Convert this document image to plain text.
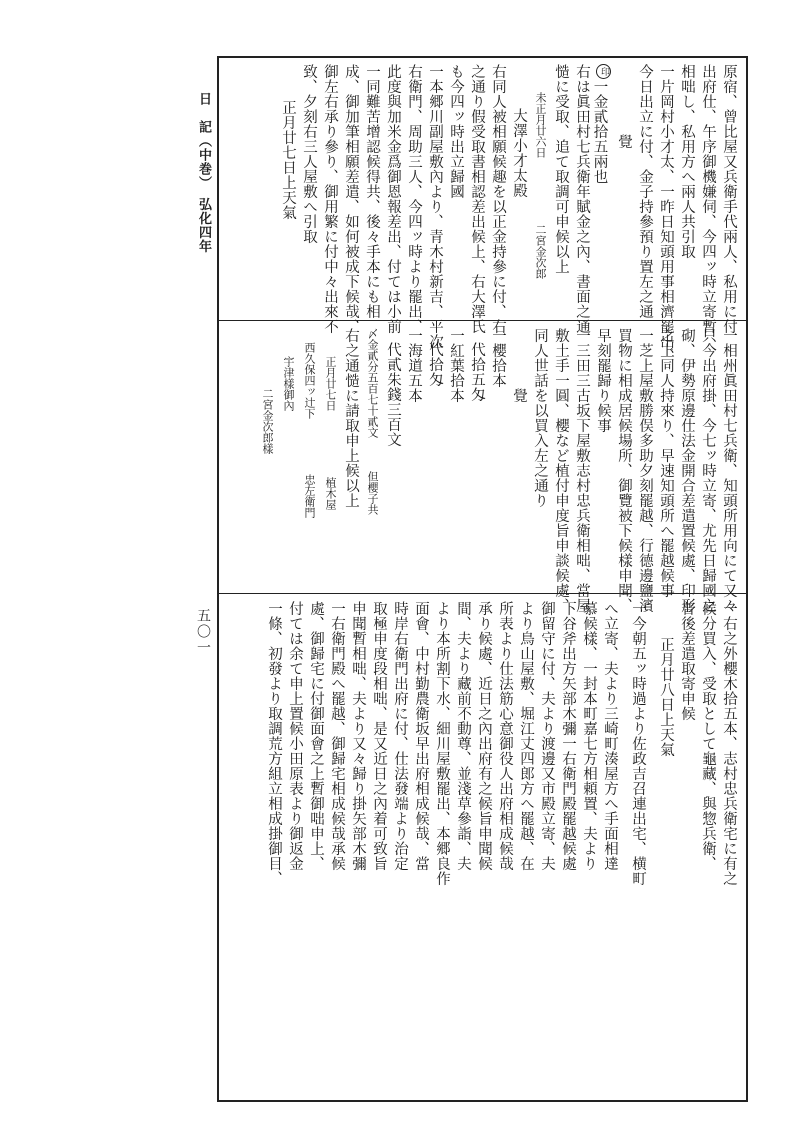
日　記（中巻）　弘化四年
五〇一
原宿、曾比屋又兵衛手代兩人、私用に付
出府仕、午序御機嫌伺、今四ッ時立寄暫
相咄し、私用方へ兩人共引取
一片岡村小才太、一昨日知頭用事相濟罷出、
今日出立に付、金子持參預り置左之通
覺
印一金貳拾五兩也
右は眞田村七兵衛年賦金之內、書面之通
慥に受取、追て取調可申候以上
未正月廿六日　　　　　　二宮金次郎
大澤小才太殿
右同人被相願候趣を以正金持參に付、右
之通り假受取書相認差出候上、右大澤氏
も今四ッ時出立歸國
一本郷川副屋敷內より、青木村新吉、平次
右衛門、周助三人、今四ッ時より罷出、
此度與加米金爲御恩報差出、付ては小前
一同難苦增認候得共、後々手本にも相
成、御加筆相願差遣、如何被成下候哉、
御左右承り參り、御用繁に付中々出來不
致、夕刻右三人屋敷へ引取
正月廿七日上天氣
一相州眞田村七兵衛、知頭所用向にて又々
只今出府掛、今七ッ時立寄、尤先日歸國之
砌、伊勢原邊仕法金開合差遣置候處、印形
之上同人持來り、早速知頭所へ罷越候事
一芝上屋敷勝俣多助夕刻罷越、行德邊鹽濱
買物に相成居候場所、御覽被下候樣申聞、
早刻罷歸り候事
一三田三古坂下屋敷志村忠兵衛相咄、當屋
敷土手一圓、櫻など植付申度旨申談候處、
同人世話を以買入左之通り
覺
一櫻拾本
代拾五匁
一紅葉拾本
代拾匁
一海道五本
代貳朱錢三百文
〆金貳分五百七十貳文　　　但櫻子共
右之通慥に請取申上候以上
正月廿七日　　　　　　植木屋
西久保四ッ辻下　　　　　忠左衛門
宇津樣御內
二宮金次郎樣
一右之外櫻木拾五本、志村忠兵衛宅に有之
候分買入、受取として龜藏、與惣兵衛、
普後差遣取寄申候
正月廿八日上天氣
一今朝五ッ時過より佐政吉召連出宅、横町
へ立寄、夫より三崎町湊屋方へ手面相達
慕候樣、一封本町嘉七方相頼置、夫より
下谷斧出方矢部木彌一右衛門殿罷越候處
御留守に付、夫より渡邊又市殿立寄、夫
より鳥山屋敷、堀江丈四郎方へ罷越、在
所表より仕法筋心意御役人出府相成候哉
承り候處、近日之內出府有之候旨申聞候
間、夫より藏前不動尊、並淺草參詣、夫
より本所割下水、細川屋敷罷出、本郷良作
面會、中村勤農衛坂早出府相成候哉、當
時岸右衛門出府に付、仕法發端より治定
取極申度段相咄、是又近日之內着可致旨
申聞暫相咄、夫より又々歸り掛矢部木彌
一右衛門殿へ罷越、御歸宅相成候哉承候
處、御歸宅に付御面會之上暫御咄申上、
付ては余て申上置候小田原表より御返金
一條、初發より取調荒方組立相成掛御目、
